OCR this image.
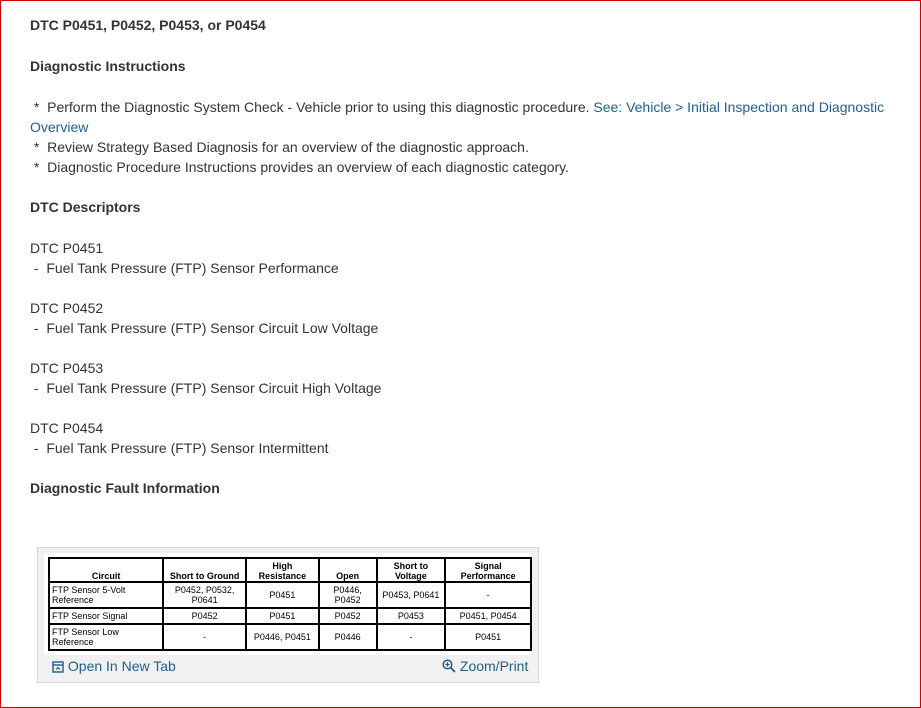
DTC P0451, P0452, P0453, or P0454
Diagnostic Instructions
*  Perform the Diagnostic System Check - Vehicle prior to using this diagnostic procedure. See: Vehicle > Initial Inspection and Diagnostic
Overview
*  Review Strategy Based Diagnosis for an overview of the diagnostic approach.
*  Diagnostic Procedure Instructions provides an overview of each diagnostic category.
DTC Descriptors
DTC P0451
-  Fuel Tank Pressure (FTP) Sensor Performance
DTC P0452
-  Fuel Tank Pressure (FTP) Sensor Circuit Low Voltage
DTC P0453
-  Fuel Tank Pressure (FTP) Sensor Circuit High Voltage
DTC P0454
-  Fuel Tank Pressure (FTP) Sensor Intermittent
Diagnostic Fault Information
Circuit	Short to Ground	High Resistance	Open	Short to Voltage	Signal Performance
FTP Sensor 5-Volt Reference	P0452, P0532, P0641	P0451	P0446, P0452	P0453, P0641	-
FTP Sensor Signal	P0452	P0451	P0452	P0453	P0451, P0454
FTP Sensor Low Reference	-	P0446, P0451	P0446	-	P0451
Open In New Tab	Zoom/Print
